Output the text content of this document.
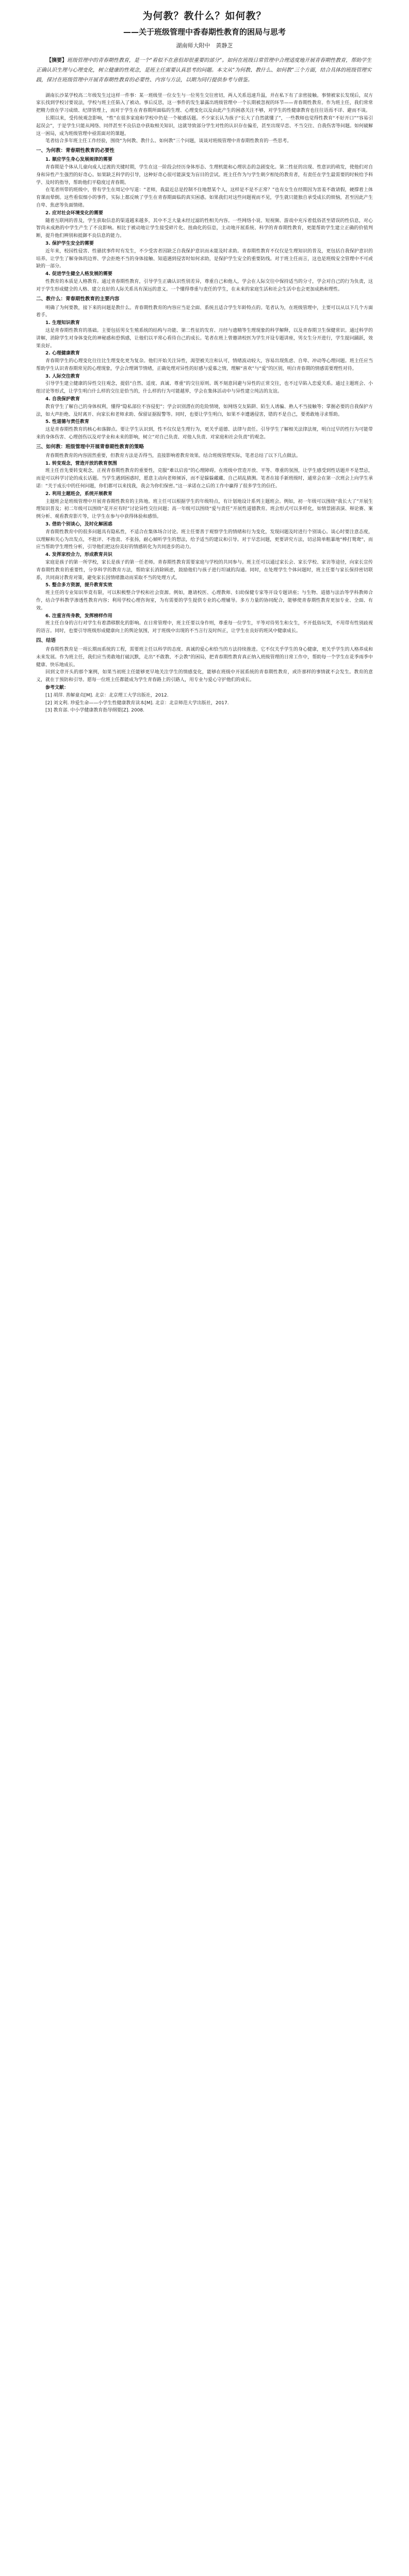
为何教？教什么？如何教？
——关于班级管理中香春期性教育的困局与思考
湖南师大附中　黄静芝

【摘要】班级管理中的青春期性教育，是一个“看似不在意但却很重要的部分”。如何在班级日常管理中合理适度地开展青春期性教育，帮助学生正确认识生理与心理变化，树立健康的性观念，是班主任需要认真思考的问题。本文从“为何教、教什么、如何教”三个方面，结合具体的班级管理实践，探讨在班级管理中开展青春期性教育的必要性、内容与方法，以期为同行提供参考与借鉴。

湖南长沙某学校高二年级发生过这样一件事：某一班级里一位女生与一位男生交往密切，两人关系迅速升温，并在私下有了亲密接触。事情被家长发现后，双方家长找到学校讨要说法，学校与班主任陷入了被动。事后反思，这一事件的发生暴露出班级管理中一个长期被忽视的环节——青春期性教育。作为班主任，我们常常把精力放在学习成绩、纪律管理上，而对于学生在青春期所面临的生理、心理变化以及由此产生的困惑关注不够，对学生的性健康教育也往往语焉不详、避而不谈。

长期以来，受传统观念影响，“性”在很多家庭和学校中仍是一个敏感话题。不少家长认为孩子“长大了自然就懂了”，一些教师也觉得性教育“不好开口”“容易引起误会”，于是学生只能从网络、同伴甚至不良信息中获取相关知识，这就导致部分学生对性的认识存在偏差，甚至出现早恋、不当交往、自我伤害等问题。如何破解这一困局，成为班级管理中亟需面对的课题。

笔者结合多年班主任工作经验，围绕“为何教、教什么、如何教”三个问题，谈谈对班级管理中青春期性教育的一些思考。

一、为何教：青春期性教育的必要性
1. 顺应学生身心发展规律的需要

青春期是个体从儿童向成人过渡的关键时期，学生在这一阶段会经历身体形态、生理机能和心理状态的急剧变化。第二性征的出现、性意识的萌发，使他们对自身和异性产生强烈的好奇心。如果缺乏科学的引导，这种好奇心很可能演变为盲目的尝试。班主任作为与学生朝夕相处的教育者，有责任在学生最需要的时候给予科学、及时的指导，帮助他们平稳度过青春期。

在笔者所带的班级中，曾有学生在周记中写道：“老师，我最近总是控制不住地想某个人，这样是不是不正常？”也有女生在经期因为害羞不敢请假，硬撑着上体育课而晕倒。这些看似细小的事件，实际上都反映了学生在青春期面临的真实困惑。如果我们对这些问题视而不见，学生就只能独自承受成长的烦恼，甚至因此产生自卑、焦虑等负面情绪。

2. 应对社会环境变化的需要

随着互联网的普及，学生获取信息的渠道越来越多，其中不乏大量未经过滤的性相关内容。一些网络小说、短视频、游戏中充斥着低俗甚至错误的性信息，对心智尚未成熟的中学生产生了不良影响。相比于被动地让学生接受碎片化、扭曲化的信息，主动地开展系统、科学的青春期性教育，更能帮助学生建立正确的价值判断，提升他们辨别和抵御不良信息的能力。

3. 保护学生安全的需要

近年来，校园性侵害、性骚扰事件时有发生，不少受害者因缺乏自我保护意识而未能及时求助。青春期性教育不仅仅是生理知识的普及，更包括自我保护意识的培养。让学生了解身体的边界、学会拒绝不当的身体接触、知道遇到侵害时如何求助，是保护学生安全的重要防线。对于班主任而言，这也是班级安全管理中不可或缺的一部分。

4. 促进学生健全人格发展的需要

性教育的本质是人格教育。通过青春期性教育，引导学生正确认识性别差异，尊重自己和他人，学会在人际交往中保持适当的分寸，学会对自己的行为负责，这对于学生形成健全的人格、建立良好的人际关系具有深远的意义。一个懂得尊重与责任的学生，在未来的家庭生活和社会生活中也会更加成熟和理性。

二、教什么：青春期性教育的主要内容

明确了为何要教，接下来的问题是教什么。青春期性教育的内容应当是全面、系统且适合学生年龄特点的。笔者认为，在班级管理中，主要可以从以下几个方面着手。

1. 生理知识教育

这是青春期性教育的基础。主要包括男女生殖系统的结构与功能、第二性征的发育、月经与遗精等生理现象的科学解释，以及青春期卫生保健常识。通过科学的讲解，消除学生对身体变化的神秘感和恐惧感，让他们以平常心看待自己的成长。笔者在班上曾邀请校医为学生开设专题讲座，男女生分开进行，学生提问踊跃，效果良好。

2. 心理健康教育

青春期学生的心理变化往往比生理变化更为复杂。他们开始关注异性，渴望被关注和认可，情绪波动较大，容易出现焦虑、自卑、冲动等心理问题。班主任应当帮助学生认识青春期常见的心理现象，学会合理调节情绪，正确处理对异性的好感与爱慕之情，理解“喜欢”与“爱”的区别，明白青春期的情感需要理性对待。

3. 人际交往教育

引导学生建立健康的异性交往观念，提倡“自然、适度、真诚、尊重”的交往原则。既不刻意回避与异性的正常交往，也不过早陷入恋爱关系。通过主题班会、小组讨论等形式，让学生明白什么样的交往是恰当的，什么样的行为可能越界，学会在集体活动中与异性建立纯洁的友谊。

4. 自我保护教育

教育学生了解自己的身体权利，懂得“隐私部位不容侵犯”；学会识别潜在的危险情境，如网络交友陷阱、陌生人诱骗、熟人不当接触等；掌握必要的自我保护方法，如大声拒绝、及时离开、向家长和老师求助、保留证据报警等。同时，也要让学生明白，如果不幸遭遇侵害，错的不是自己，要勇敢地寻求帮助。

5. 性道德与责任教育

这是青春期性教育的核心和落脚点。要让学生认识到，性不仅仅是生理行为，更关乎道德、法律与责任。引导学生了解相关法律法规，明白过早的性行为可能带来的身体伤害、心理创伤以及对学业和未来的影响，树立“对自己负责、对他人负责、对家庭和社会负责”的观念。

三、如何教：班级管理中开展青春期性教育的策略

青春期性教育的内容固然重要，但教育方法是否得当，直接影响着教育效果。结合班级管理实际，笔者总结了以下几点做法。

1. 转变观念，营造开放的教育氛围

班主任首先要转变观念，正视青春期性教育的重要性，克服“难以启齿”的心理障碍。在班级中营造开放、平等、尊重的氛围，让学生感受到性话题并不是禁忌，而是可以科学讨论的成长话题。当学生遇到困惑时，愿意主动向老师倾诉，而不是躲躲藏藏、自己胡乱猜测。笔者在接手新班级时，通常会在第一次班会上向学生承诺：“关于成长中的任何问题，你们都可以来找我，我会为你们保密。”这一承诺在之后的工作中赢得了很多学生的信任。

2. 利用主题班会，系统开展教育

主题班会是班级管理中开展青春期性教育的主阵地。班主任可以根据学生的年级特点，有计划地设计系列主题班会。例如，初一年级可以围绕“我长大了”开展生理知识普及；初二年级可以围绕“花开应有时”讨论异性交往问题；高一年级可以围绕“爱与责任”开展性道德教育。班会形式可以多样化，如情景剧表演、辩论赛、案例分析、观看教育影片等，让学生在参与中获得体验和感悟。

3. 借助个别谈心，及时化解困惑

青春期性教育中的很多问题具有隐私性，不适合在集体场合讨论。班主任要善于观察学生的情绪和行为变化，发现问题及时进行个别谈心。谈心时要注意态度，以理解和关心为出发点，不批评、不指责、不张扬，耐心倾听学生的想法，给予适当的建议和引导。对于早恋问题，更要讲究方法，切忌简单粗暴地“棒打鸳鸯”，而应当帮助学生理性分析，引导他们把这份美好的情感转化为共同进步的动力。

4. 发挥家校合力，形成教育共识

家庭是孩子的第一所学校，家长是孩子的第一任老师。青春期性教育需要家庭与学校的共同参与。班主任可以通过家长会、家长学校、家访等途径，向家长宣传青春期性教育的重要性，分享科学的教育方法，帮助家长消除顾虑，鼓励他们与孩子进行坦诚的沟通。同时，在处理学生个体问题时，班主任要与家长保持密切联系，共同商讨教育对策，避免家长因情绪激动而采取不当的处理方式。

5. 整合多方资源，提升教育实效

班主任的专业知识毕竟有限，可以积极整合学校和社会资源。例如，邀请校医、心理教师、妇幼保健专家等开设专题讲座；与生物、道德与法治等学科教师合作，结合学科教学渗透性教育内容；利用学校心理咨询室，为有需要的学生提供专业的心理辅导。多方力量的协同配合，能够使青春期性教育更加专业、全面、有效。

6. 注重言传身教，发挥榜样作用

班主任自身的言行对学生有着潜移默化的影响。在日常管理中，班主任要以身作则，尊重每一位学生，平等对待男生和女生，不开低俗玩笑，不用带有性别歧视的语言。同时，也要引导班级形成健康向上的舆论氛围，对于班级中出现的不当言行及时纠正，让学生在良好的班风中健康成长。

四、结语

青春期性教育是一项长期而系统的工程，需要班主任以科学的态度、真诚的爱心和恰当的方法持续推进。它不仅关乎学生的身心健康，更关乎学生的人格养成和未来发展。作为班主任，我们应当勇敢地打破沉默，走出“不敢教、不会教”的困局，把青春期性教育真正纳入班级管理的日常工作中，帮助每一个学生在花季雨季中健康、快乐地成长。

回到文章开头的那个案例，如果当初班主任能够更早地关注学生的情感变化，能够在班级中开展系统的青春期性教育，或许那样的事情就不会发生。教育的意义，就在于预防和引导。愿每一位班主任都能成为学生青春路上的引路人，用专业与爱心守护他们的成长。

参考文献：
[1] 胡萍. 善解童贞[M]. 北京：北京理工大学出版社，2012.
[2] 刘文利. 珍爱生命——小学生性健康教育读本[M]. 北京：北京师范大学出版社，2017.
[3] 教育部. 中小学健康教育指导纲要[Z]. 2008.
